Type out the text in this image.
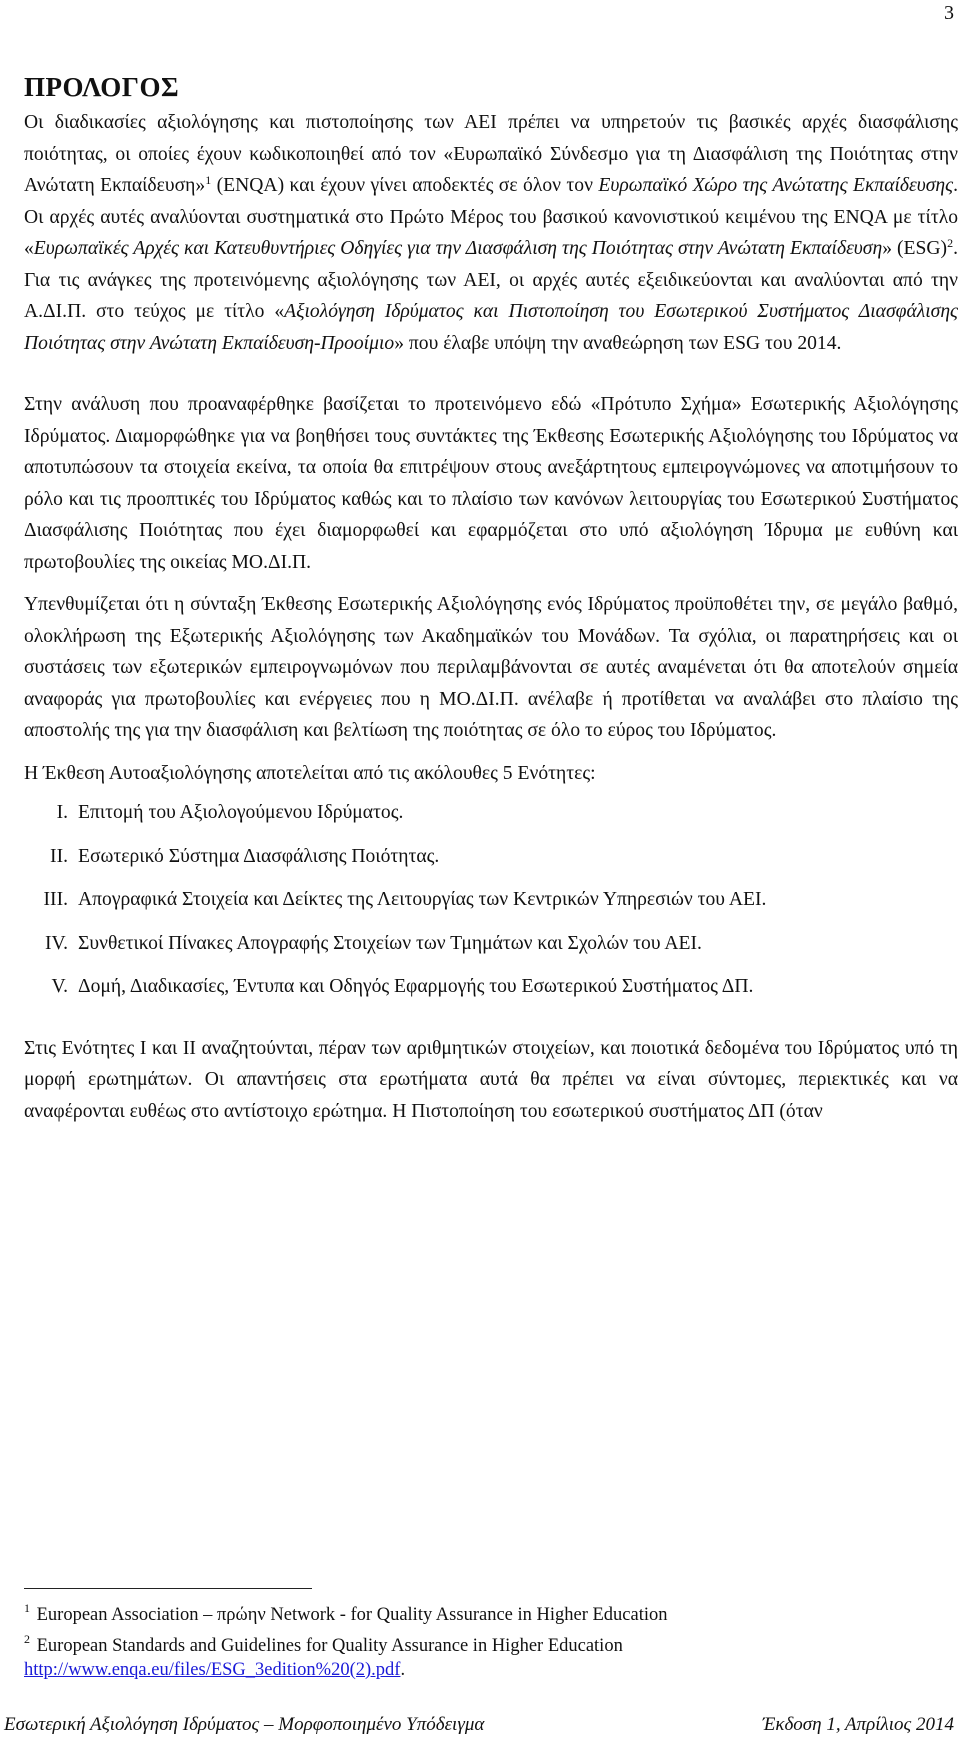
3
ΠΡΟΛΟΓΟΣ

Οι διαδικασίες αξιολόγησης και πιστοποίησης των ΑΕΙ πρέπει να υπηρετούν τις βασικές αρχές διασφάλισης ποιότητας, οι οποίες έχουν κωδικοποιηθεί από τον «Ευρωπαϊκό Σύνδεσμο για τη Διασφάλιση της Ποιότητας στην Ανώτατη Εκπαίδευση»$^1$ (ENQA) και έχουν γίνει αποδεκτές σε όλον τον Ευρωπαϊκό Χώρο της Ανώτατης Εκπαίδευσης. Οι αρχές αυτές αναλύονται συστηματικά στο Πρώτο Μέρος του βασικού κανονιστικού κειμένου της ENQA με τίτλο «Ευρωπαϊκές Αρχές και Κατευθυντήριες Οδηγίες για την Διασφάλιση της Ποιότητας στην Ανώτατη Εκπαίδευση» (ESG)$^2$. Για τις ανάγκες της προτεινόμενης αξιολόγησης των ΑΕΙ, οι αρχές αυτές εξειδικεύονται και αναλύονται από την Α.ΔΙ.Π. στο τεύχος με τίτλο «Αξιολόγηση Ιδρύματος και Πιστοποίηση του Εσωτερικού Συστήματος Διασφάλισης Ποιότητας στην Ανώτατη Εκπαίδευση-Προοίμιο» που έλαβε υπόψη την αναθεώρηση των ESG του 2014.

Στην ανάλυση που προαναφέρθηκε βασίζεται το προτεινόμενο εδώ «Πρότυπο Σχήμα» Εσωτερικής Αξιολόγησης Ιδρύματος. Διαμορφώθηκε για να βοηθήσει τους συντάκτες της Έκθεσης Εσωτερικής Αξιολόγησης του Ιδρύματος να αποτυπώσουν τα στοιχεία εκείνα, τα οποία θα επιτρέψουν στους ανεξάρτητους εμπειρογνώμονες να αποτιμήσουν το ρόλο και τις προοπτικές του Ιδρύματος καθώς και το πλαίσιο των κανόνων λειτουργίας του Εσωτερικού Συστήματος Διασφάλισης Ποιότητας που έχει διαμορφωθεί και εφαρμόζεται στο υπό αξιολόγηση Ίδρυμα με ευθύνη και πρωτοβουλίες της οικείας ΜΟ.ΔΙ.Π.

Υπενθυμίζεται ότι η σύνταξη Έκθεσης Εσωτερικής Αξιολόγησης ενός Ιδρύματος προϋποθέτει την, σε μεγάλο βαθμό, ολοκλήρωση της Εξωτερικής Αξιολόγησης των Ακαδημαϊκών του Μονάδων. Τα σχόλια, οι παρατηρήσεις και οι συστάσεις των εξωτερικών εμπειρογνωμόνων που περιλαμβάνονται σε αυτές αναμένεται ότι θα αποτελούν σημεία αναφοράς για πρωτοβουλίες και ενέργειες που η ΜΟ.ΔΙ.Π. ανέλαβε ή προτίθεται να αναλάβει στο πλαίσιο της αποστολής της για την διασφάλιση και βελτίωση της ποιότητας σε όλο το εύρος του Ιδρύματος.

Η Έκθεση Αυτοαξιολόγησης αποτελείται από τις ακόλουθες 5 Ενότητες:

I. Επιτομή του Αξιολογούμενου Ιδρύματος.
II. Εσωτερικό Σύστημα Διασφάλισης Ποιότητας.
III. Απογραφικά Στοιχεία και Δείκτες της Λειτουργίας των Κεντρικών Υπηρεσιών του ΑΕΙ.
IV. Συνθετικοί Πίνακες Απογραφής Στοιχείων των Τμημάτων και Σχολών του ΑΕΙ.
V. Δομή, Διαδικασίες, Έντυπα και Οδηγός Εφαρμογής του Εσωτερικού Συστήματος ΔΠ.

Στις Ενότητες Ι και ΙΙ αναζητούνται, πέραν των αριθμητικών στοιχείων, και ποιοτικά δεδομένα του Ιδρύματος υπό τη μορφή ερωτημάτων. Οι απαντήσεις στα ερωτήματα αυτά θα πρέπει να είναι σύντομες, περιεκτικές και να αναφέρονται ευθέως στο αντίστοιχο ερώτημα. Η Πιστοποίηση του εσωτερικού συστήματος ΔΠ (όταν

$^1$ European Association – πρώην Network - for Quality Assurance in Higher Education
$^2$ European Standards and Guidelines for Quality Assurance in Higher Education
http://www.enqa.eu/files/ESG_3edition%20(2).pdf.
Εσωτερική Αξιολόγηση Ιδρύματος – Μορφοποιημένο Υπόδειγμα	Έκδοση 1, Απρίλιος 2014
